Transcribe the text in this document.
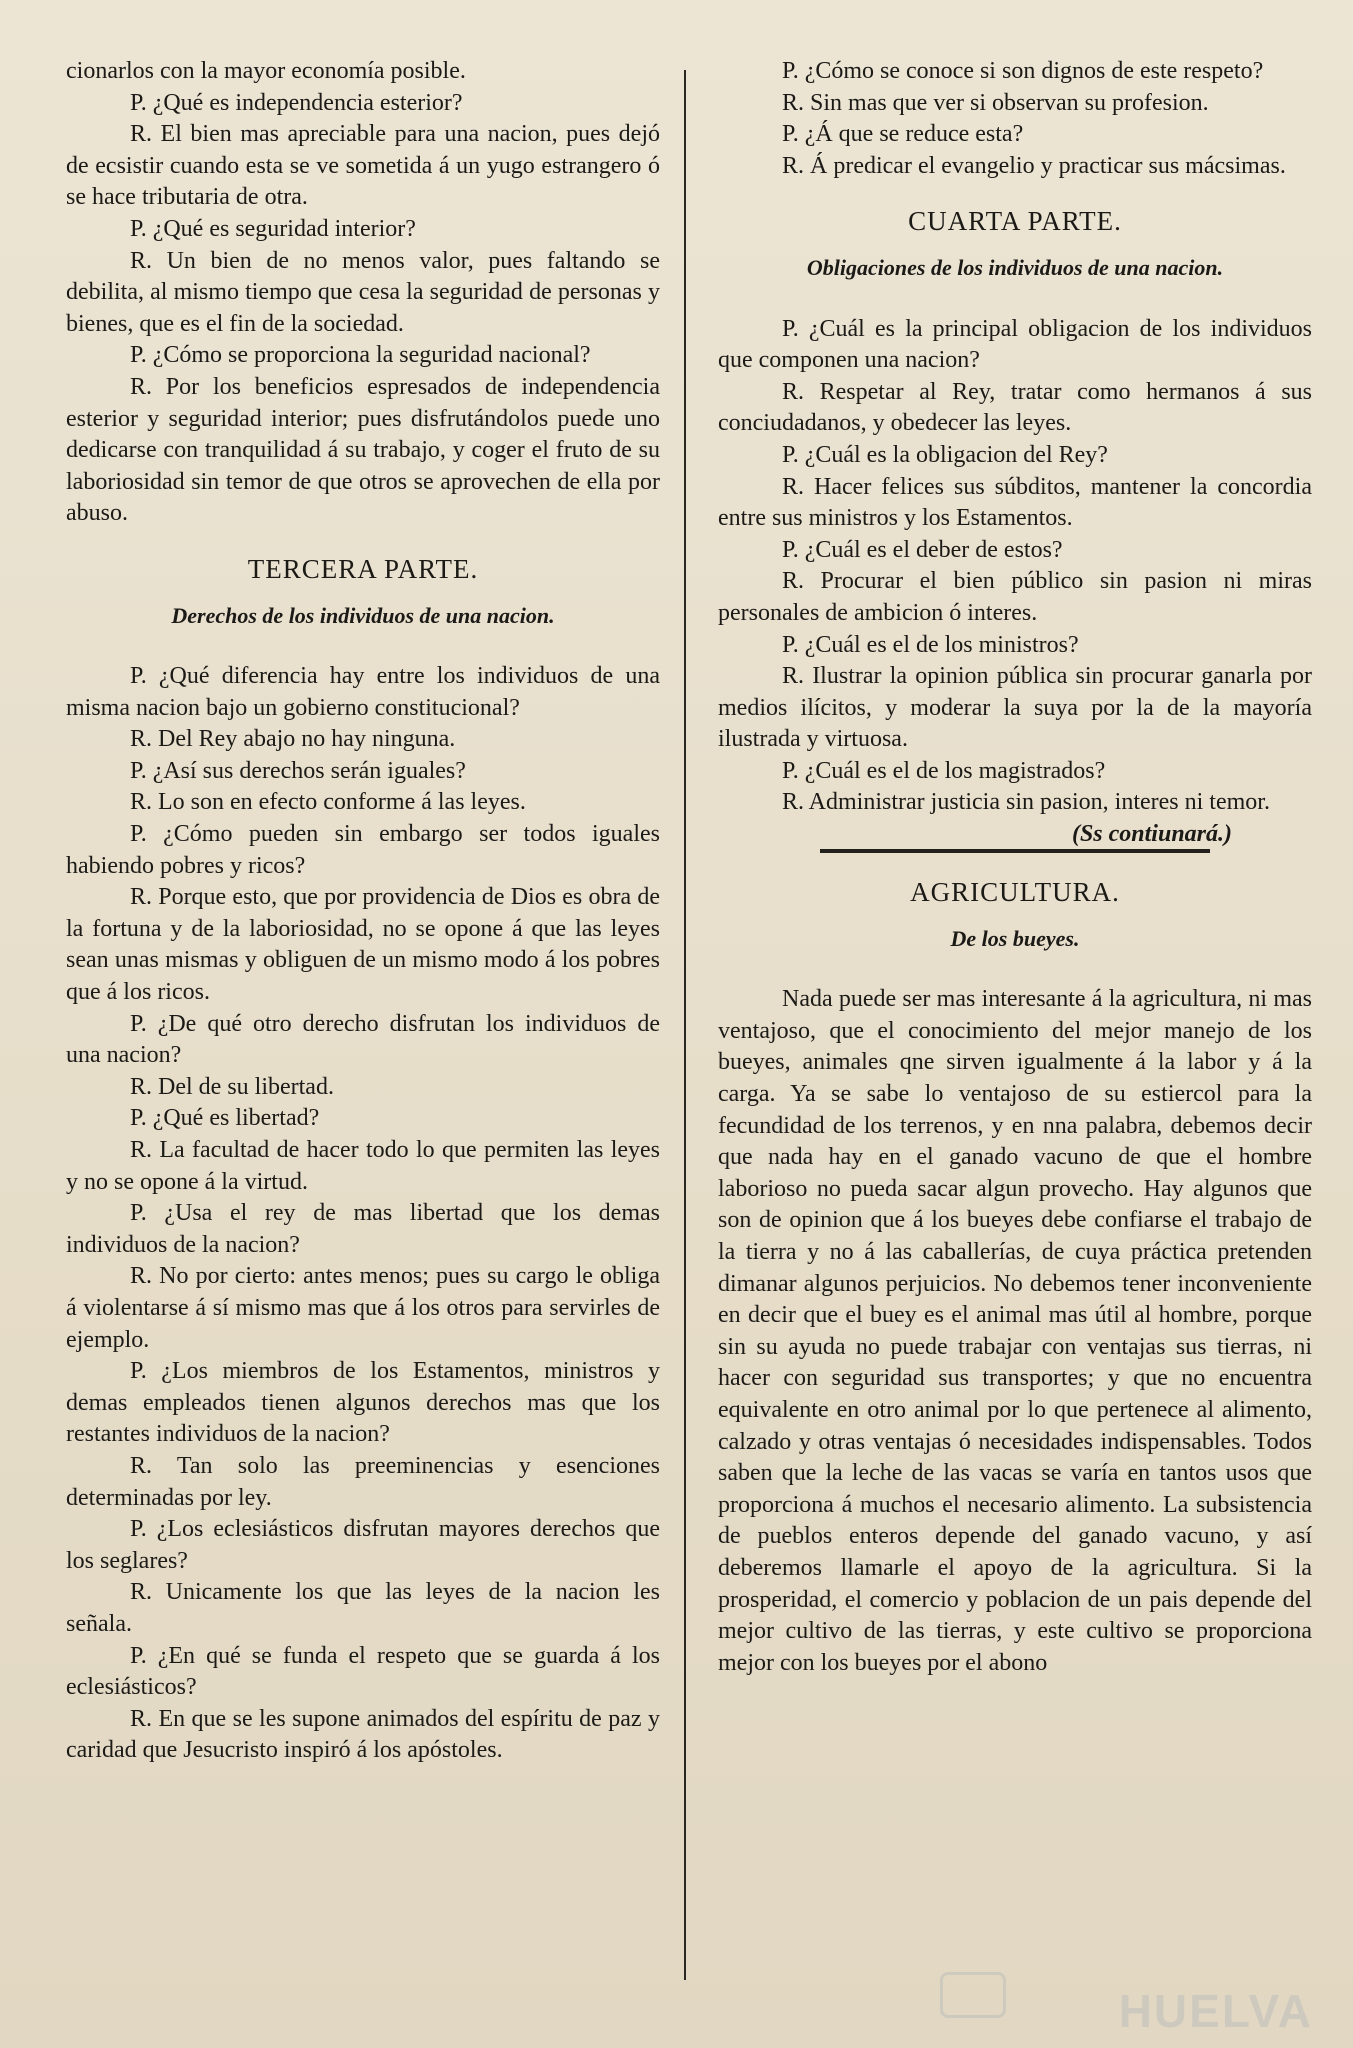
cionarlos con la mayor economía posible.

P. ¿Qué es independencia esterior?

R. El bien mas apreciable para una nacion, pues dejó de ecsistir cuando esta se ve sometida á un yugo estrangero ó se hace tributaria de otra.

P. ¿Qué es seguridad interior?

R. Un bien de no menos valor, pues faltando se debilita, al mismo tiempo que cesa la seguridad de personas y bienes, que es el fin de la sociedad.

P. ¿Cómo se proporciona la seguridad nacional?

R. Por los beneficios espresados de independencia esterior y seguridad interior; pues disfrutándolos puede uno dedicarse con tranquilidad á su trabajo, y coger el fruto de su laboriosidad sin temor de que otros se aprovechen de ella por abuso.

TERCERA PARTE.

Derechos de los individuos de una nacion.

P. ¿Qué diferencia hay entre los individuos de una misma nacion bajo un gobierno constitucional?

R. Del Rey abajo no hay ninguna.

P. ¿Así sus derechos serán iguales?

R. Lo son en efecto conforme á las leyes.

P. ¿Cómo pueden sin embargo ser todos iguales habiendo pobres y ricos?

R. Porque esto, que por providencia de Dios es obra de la fortuna y de la laboriosidad, no se opone á que las leyes sean unas mismas y obliguen de un mismo modo á los pobres que á los ricos.

P. ¿De qué otro derecho disfrutan los individuos de una nacion?

R. Del de su libertad.

P. ¿Qué es libertad?

R. La facultad de hacer todo lo que permiten las leyes y no se opone á la virtud.

P. ¿Usa el rey de mas libertad que los demas individuos de la nacion?

R. No por cierto: antes menos; pues su cargo le obliga á violentarse á sí mismo mas que á los otros para servirles de ejemplo.

P. ¿Los miembros de los Estamentos, ministros y demas empleados tienen algunos derechos mas que los restantes individuos de la nacion?

R. Tan solo las preeminencias y esenciones determinadas por ley.

P. ¿Los eclesiásticos disfrutan mayores derechos que los seglares?

R. Unicamente los que las leyes de la nacion les señala.

P. ¿En qué se funda el respeto que se guarda á los eclesiásticos?

R. En que se les supone animados del espíritu de paz y caridad que Jesucristo inspiró á los apóstoles.

P. ¿Cómo se conoce si son dignos de este respeto?

R. Sin mas que ver si observan su profesion.

P. ¿Á que se reduce esta?

R. Á predicar el evangelio y practicar sus mácsimas.

CUARTA PARTE.

Obligaciones de los individuos de una nacion.

P. ¿Cuál es la principal obligacion de los individuos que componen una nacion?

R. Respetar al Rey, tratar como hermanos á sus conciudadanos, y obedecer las leyes.

P. ¿Cuál es la obligacion del Rey?

R. Hacer felices sus súbditos, mantener la concordia entre sus ministros y los Estamentos.

P. ¿Cuál es el deber de estos?

R. Procurar el bien público sin pasion ni miras personales de ambicion ó interes.

P. ¿Cuál es el de los ministros?

R. Ilustrar la opinion pública sin procurar ganarla por medios ilícitos, y moderar la suya por la de la mayoría ilustrada y virtuosa.

P. ¿Cuál es el de los magistrados?

R. Administrar justicia sin pasion, interes ni temor.
(Ss contiunará.)

AGRICULTURA.

De los bueyes.

Nada puede ser mas interesante á la agricultura, ni mas ventajoso, que el conocimiento del mejor manejo de los bueyes, animales qne sirven igualmente á la labor y á la carga. Ya se sabe lo ventajoso de su estiercol para la fecundidad de los terrenos, y en nna palabra, debemos decir que nada hay en el ganado vacuno de que el hombre laborioso no pueda sacar algun provecho. Hay algunos que son de opinion que á los bueyes debe confiarse el trabajo de la tierra y no á las caballerías, de cuya práctica pretenden dimanar algunos perjuicios. No debemos tener inconveniente en decir que el buey es el animal mas útil al hombre, porque sin su ayuda no puede trabajar con ventajas sus tierras, ni hacer con seguridad sus transportes; y que no encuentra equivalente en otro animal por lo que pertenece al alimento, calzado y otras ventajas ó necesidades indispensables. Todos saben que la leche de las vacas se varía en tantos usos que proporciona á muchos el necesario alimento. La subsistencia de pueblos enteros depende del ganado vacuno, y así deberemos llamarle el apoyo de la agricultura. Si la prosperidad, el comercio y poblacion de un pais depende del mejor cultivo de las tierras, y este cultivo se proporciona mejor con los bueyes por el abono

HUELVA
